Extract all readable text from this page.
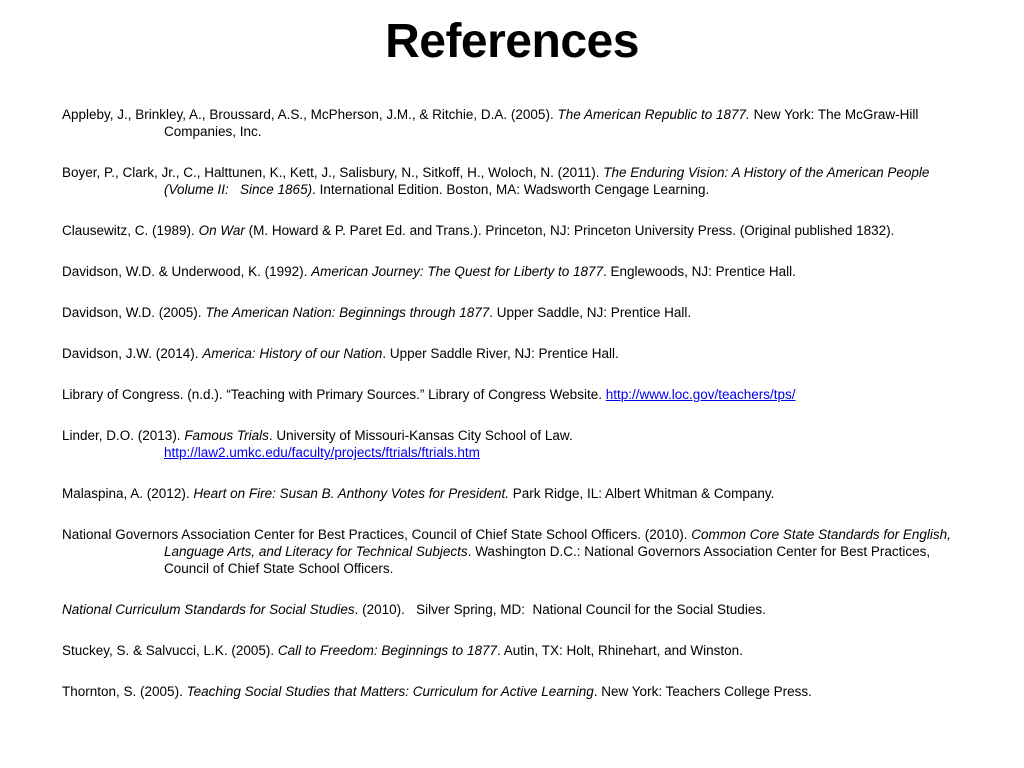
References

Appleby, J., Brinkley, A., Broussard, A.S., McPherson, J.M., & Ritchie, D.A. (2005). The American Republic to 1877. New York: The McGraw-Hill Companies, Inc.

Boyer, P., Clark, Jr., C., Halttunen, K., Kett, J., Salisbury, N., Sitkoff, H., Woloch, N. (2011). The Enduring Vision: A History of the American People (Volume II:   Since 1865). International Edition. Boston, MA: Wadsworth Cengage Learning.

Clausewitz, C. (1989). On War (M. Howard & P. Paret Ed. and Trans.). Princeton, NJ: Princeton University Press. (Original published 1832).

Davidson, W.D. & Underwood, K. (1992). American Journey: The Quest for Liberty to 1877. Englewoods, NJ: Prentice Hall.

Davidson, W.D. (2005). The American Nation: Beginnings through 1877. Upper Saddle, NJ: Prentice Hall.

Davidson, J.W. (2014). America: History of our Nation. Upper Saddle River, NJ: Prentice Hall.

Library of Congress. (n.d.). “Teaching with Primary Sources.” Library of Congress Website. http://www.loc.gov/teachers/tps/

Linder, D.O. (2013). Famous Trials. University of Missouri-Kansas City School of Law.
http://law2.umkc.edu/faculty/projects/ftrials/ftrials.htm

Malaspina, A. (2012). Heart on Fire: Susan B. Anthony Votes for President. Park Ridge, IL: Albert Whitman & Company.

National Governors Association Center for Best Practices, Council of Chief State School Officers. (2010). Common Core State Standards for English, Language Arts, and Literacy for Technical Subjects. Washington D.C.: National Governors Association Center for Best Practices, Council of Chief State School Officers.

National Curriculum Standards for Social Studies. (2010).   Silver Spring, MD:  National Council for the Social Studies.

Stuckey, S. & Salvucci, L.K. (2005). Call to Freedom: Beginnings to 1877. Autin, TX: Holt, Rhinehart, and Winston.

Thornton, S. (2005). Teaching Social Studies that Matters: Curriculum for Active Learning. New York: Teachers College Press.
